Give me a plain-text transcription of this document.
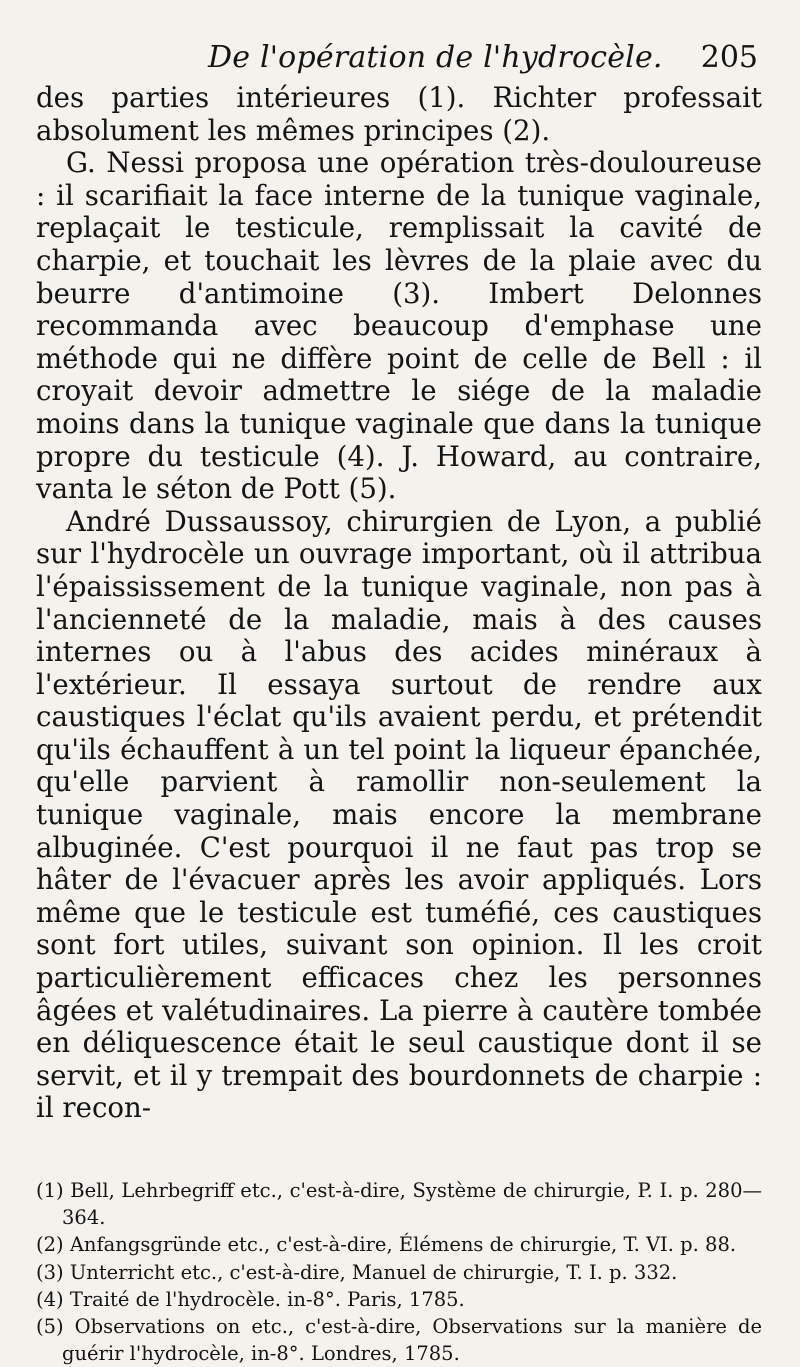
De l'opération de l'hydrocèle. 205

des parties intérieures (1). Richter professait absolument les mêmes principes (2).

G. Nessi proposa une opération très-douloureuse : il scarifiait la face interne de la tunique vaginale, replaçait le testicule, remplissait la cavité de charpie, et touchait les lèvres de la plaie avec du beurre d'antimoine (3). Imbert Delonnes recommanda avec beaucoup d'emphase une méthode qui ne diffère point de celle de Bell : il croyait devoir admettre le siége de la maladie moins dans la tunique vaginale que dans la tunique propre du testicule (4). J. Howard, au contraire, vanta le séton de Pott (5).

André Dussaussoy, chirurgien de Lyon, a publié sur l'hydrocèle un ouvrage important, où il attribua l'épaississement de la tunique vaginale, non pas à l'ancienneté de la maladie, mais à des causes internes ou à l'abus des acides minéraux à l'extérieur. Il essaya surtout de rendre aux caustiques l'éclat qu'ils avaient perdu, et prétendit qu'ils échauffent à un tel point la liqueur épanchée, qu'elle parvient à ramollir non-seulement la tunique vaginale, mais encore la membrane albuginée. C'est pourquoi il ne faut pas trop se hâter de l'évacuer après les avoir appliqués. Lors même que le testicule est tuméfié, ces caustiques sont fort utiles, suivant son opinion. Il les croit particulièrement efficaces chez les personnes âgées et valétudinaires. La pierre à cautère tombée en déliquescence était le seul caustique dont il se servit, et il y trempait des bourdonnets de charpie : il recon-

(1) Bell, Lehrbegriff etc., c'est-à-dire, Système de chirurgie, P. I. p. 280—364.

(2) Anfangsgründe etc., c'est-à-dire, Élémens de chirurgie, T. VI. p. 88.

(3) Unterricht etc., c'est-à-dire, Manuel de chirurgie, T. I. p. 332.

(4) Traité de l'hydrocèle. in-8°. Paris, 1785.

(5) Observations on etc., c'est-à-dire, Observations sur la manière de guérir l'hydrocèle, in-8°. Londres, 1785.
